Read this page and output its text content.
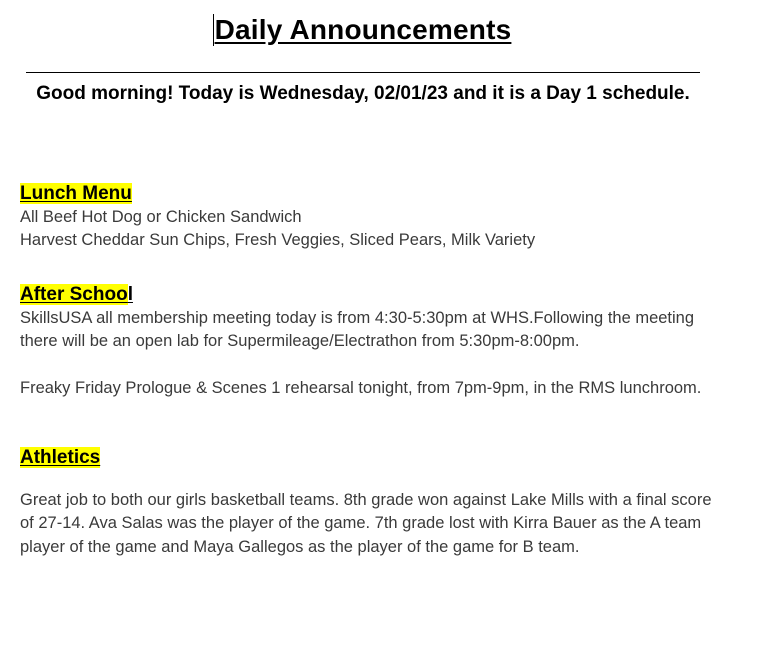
Daily Announcements
Good morning! Today is Wednesday, 02/01/23 and it is a Day 1 schedule.
Lunch Menu

All Beef Hot Dog or Chicken Sandwich

Harvest Cheddar Sun Chips, Fresh Veggies, Sliced Pears, Milk Variety

After School

SkillsUSA all membership meeting today is from 4:30-5:30pm at WHS.Following the meeting there will be an open lab for Supermileage/Electrathon from 5:30pm-8:00pm.

Freaky Friday Prologue & Scenes 1 rehearsal tonight, from 7pm-9pm, in the RMS lunchroom.

Athletics

Great job to both our girls basketball teams. 8th grade won against Lake Mills with a final score of 27-14. Ava Salas was the player of the game. 7th grade lost with Kirra Bauer as the A team player of the game and Maya Gallegos as the player of the game for B team.
